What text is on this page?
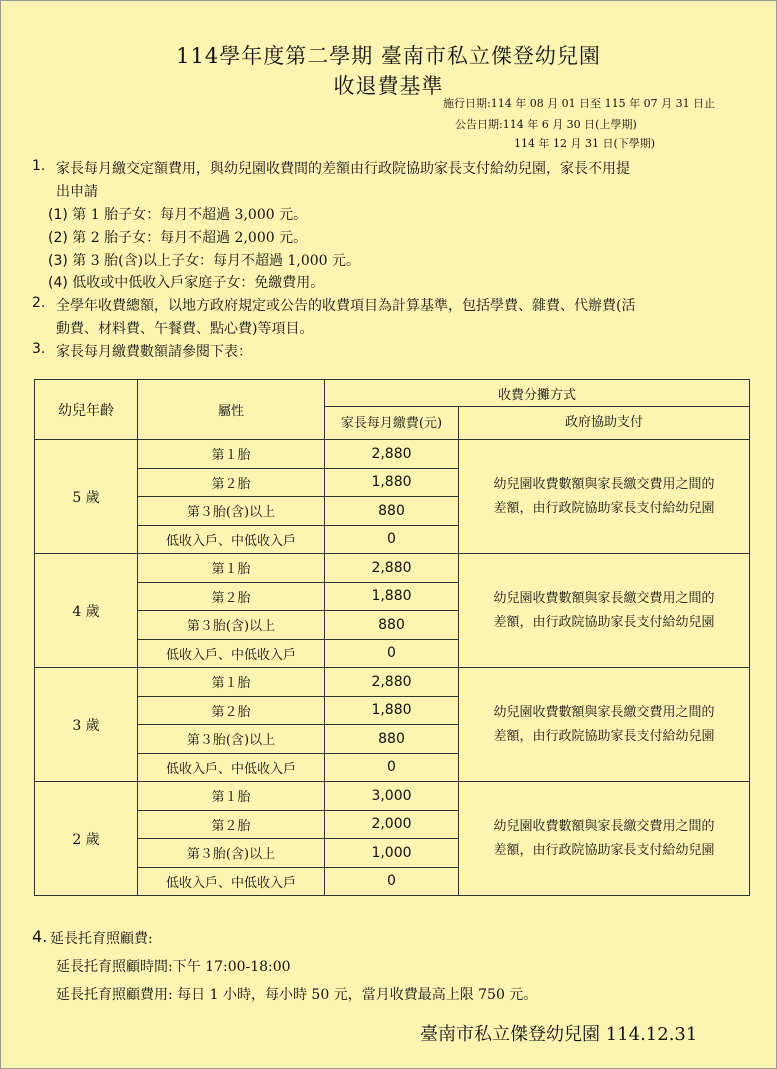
114學年度第二學期 臺南市私立傑登幼兒園
收退費基準
施行日期:114 年 08 月 01 日至 115 年 07 月 31 日止
公告日期:114 年 6 月 30 日(上學期)
114 年 12 月 31 日(下學期)
1. 家長每月繳交定額費用，與幼兒園收費間的差額由行政院協助家長支付給幼兒園，家長不用提
出申請
(1) 第 1 胎子女：每月不超過 3,000 元。
(2) 第 2 胎子女：每月不超過 2,000 元。
(3) 第 3 胎(含)以上子女：每月不超過 1,000 元。
(4) 低收或中低收入戶家庭子女：免繳費用。
2. 全學年收費總額，以地方政府規定或公告的收費項目為計算基準，包括學費、雜費、代辦費(活
動費、材料費、午餐費、點心費)等項目。
3. 家長每月繳費數額請參閱下表：
幼兒年齡	屬性	收費分攤方式	
		家長每月繳費(元)	政府協助支付
5 歲	第１胎	2,880	幼兒園收費數額與家長繳交費用之間的
差額，由行政院協助家長支付給幼兒園

	第２胎	1,880	
	第３胎(含)以上	880	
	低收入戶、中低收入戶	0	
4 歲	第１胎	2,880	幼兒園收費數額與家長繳交費用之間的
差額，由行政院協助家長支付給幼兒園

	第２胎	1,880	
	第３胎(含)以上	880	
	低收入戶、中低收入戶	0	
3 歲	第１胎	2,880	幼兒園收費數額與家長繳交費用之間的
差額，由行政院協助家長支付給幼兒園

	第２胎	1,880	
	第３胎(含)以上	880	
	低收入戶、中低收入戶	0	
2 歲	第１胎	3,000	幼兒園收費數額與家長繳交費用之間的
差額，由行政院協助家長支付給幼兒園

	第２胎	2,000	
	第３胎(含)以上	1,000	
	低收入戶、中低收入戶	0	
4. 延長托育照顧費:
延長托育照顧時間:下午 17:00-18:00
延長托育照顧費用: 每日 1 小時，每小時 50 元，當月收費最高上限 750 元。
臺南市私立傑登幼兒園 114.12.31
